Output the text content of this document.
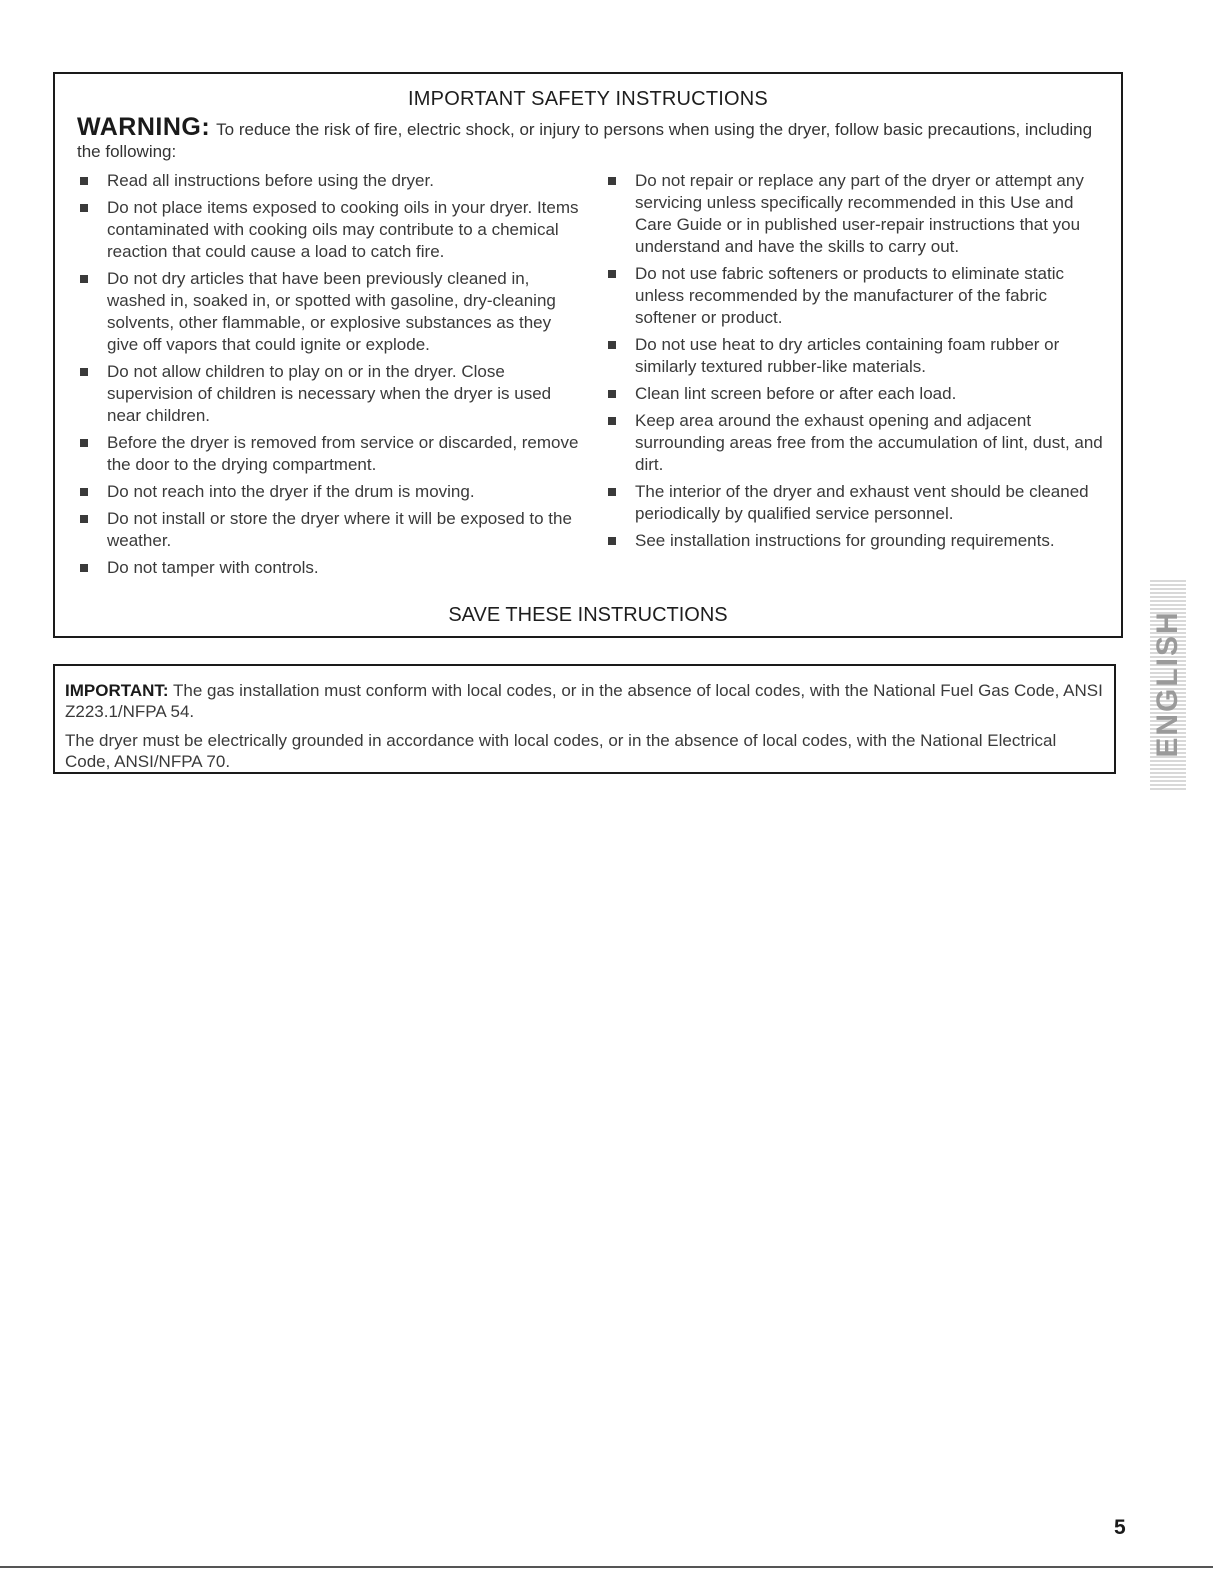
IMPORTANT SAFETY INSTRUCTIONS
WARNING: To reduce the risk of fire, electric shock, or injury to persons when using the dryer, follow basic precautions, including the following:
Read all instructions before using the dryer.
Do not place items exposed to cooking oils in your dryer. Items contaminated with cooking oils may contribute to a chemical reaction that could cause a load to catch fire.
Do not dry articles that have been previously cleaned in, washed in, soaked in, or spotted with gasoline, dry-cleaning solvents, other flammable, or explosive substances as they give off vapors that could ignite or explode.
Do not allow children to play on or in the dryer. Close supervision of children is necessary when the dryer is used near children.
Before the dryer is removed from service or discarded, remove the door to the drying compartment.
Do not reach into the dryer if the drum is moving.
Do not install or store the dryer where it will be exposed to the weather.
Do not tamper with controls.
Do not repair or replace any part of the dryer or attempt any servicing unless specifically recommended in this Use and Care Guide or in published user-repair instructions that you understand and have the skills to carry out.
Do not use fabric softeners or products to eliminate static unless recommended by the manufacturer of the fabric softener or product.
Do not use heat to dry articles containing foam rubber or similarly textured rubber-like materials.
Clean lint screen before or after each load.
Keep area around the exhaust opening and adjacent surrounding areas free from the accumulation of lint, dust, and dirt.
The interior of the dryer and exhaust vent should be cleaned periodically by qualified service personnel.
See installation instructions for grounding requirements.
SAVE THESE INSTRUCTIONS

IMPORTANT: The gas installation must conform with local codes, or in the absence of local codes, with the National Fuel Gas Code, ANSI Z223.1/NFPA 54.

The dryer must be electrically grounded in accordance with local codes, or in the absence of local codes, with the National Electrical Code, ANSI/NFPA 70.

ENGLISH
5
